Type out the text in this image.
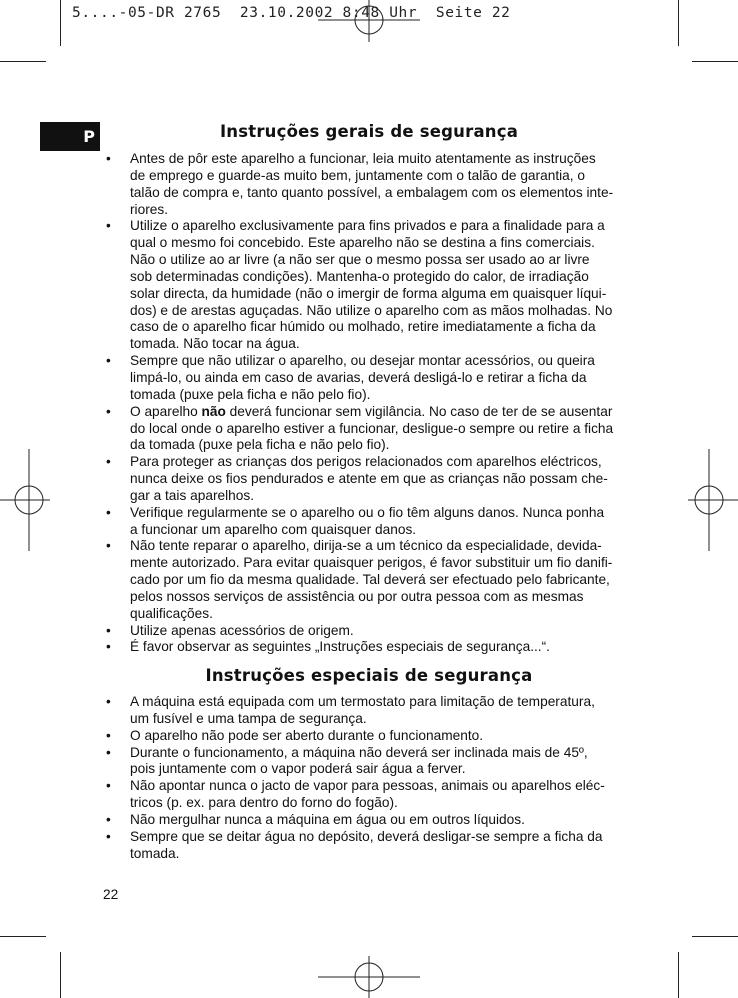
5....-05-DR 2765  23.10.2002 8:48 Uhr  Seite 22
P	Instruções gerais de segurança
• Antes de pôr este aparelho a funcionar, leia muito atentamente as instruções
de emprego e guarde-as muito bem, juntamente com o talão de garantia, o
talão de compra e, tanto quanto possível, a embalagem com os elementos inte-
riores.
• Utilize o aparelho exclusivamente para fins privados e para a finalidade para a
qual o mesmo foi concebido. Este aparelho não se destina a fins comerciais.
Não o utilize ao ar livre (a não ser que o mesmo possa ser usado ao ar livre
sob determinadas condições). Mantenha-o protegido do calor, de irradiação
solar directa, da humidade (não o imergir de forma alguma em quaisquer líqui-
dos) e de arestas aguçadas. Não utilize o aparelho com as mãos molhadas. No
caso de o aparelho ficar húmido ou molhado, retire imediatamente a ficha da
tomada. Não tocar na água.
• Sempre que não utilizar o aparelho, ou desejar montar acessórios, ou queira
limpá-lo, ou ainda em caso de avarias, deverá desligá-lo e retirar a ficha da
tomada (puxe pela ficha e não pelo fio).
• O aparelho não deverá funcionar sem vigilância. No caso de ter de se ausentar
do local onde o aparelho estiver a funcionar, desligue-o sempre ou retire a ficha
da tomada (puxe pela ficha e não pelo fio).
• Para proteger as crianças dos perigos relacionados com aparelhos eléctricos,
nunca deixe os fios pendurados e atente em que as crianças não possam che-
gar a tais aparelhos.
• Verifique regularmente se o aparelho ou o fio têm alguns danos. Nunca ponha
a funcionar um aparelho com quaisquer danos.
• Não tente reparar o aparelho, dirija-se a um técnico da especialidade, devida-
mente autorizado. Para evitar quaisquer perigos, é favor substituir um fio danifi-
cado por um fio da mesma qualidade. Tal deverá ser efectuado pelo fabricante,
pelos nossos serviços de assistência ou por outra pessoa com as mesmas
qualificações.
• Utilize apenas acessórios de origem.
• É favor observar as seguintes „Instruções especiais de segurança...“.
Instruções especiais de segurança
• A máquina está equipada com um termostato para limitação de temperatura,
um fusível e uma tampa de segurança.
• O aparelho não pode ser aberto durante o funcionamento.
• Durante o funcionamento, a máquina não deverá ser inclinada mais de 45º,
pois juntamente com o vapor poderá sair água a ferver.
• Não apontar nunca o jacto de vapor para pessoas, animais ou aparelhos eléc-
tricos (p. ex. para dentro do forno do fogão).
• Não mergulhar nunca a máquina em água ou em outros líquidos.
• Sempre que se deitar água no depósito, deverá desligar-se sempre a ficha da
tomada.
22
